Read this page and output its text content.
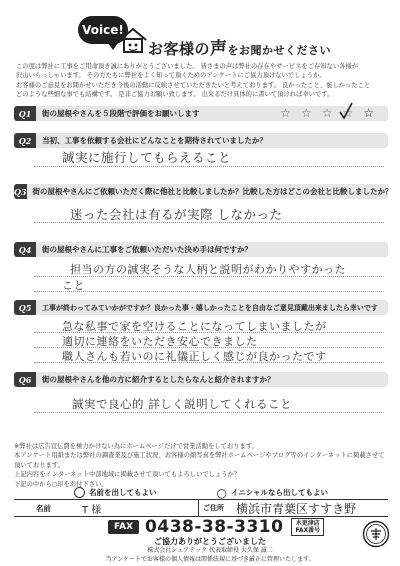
Voice!
お客様の声をお聞かせください
この度は弊社に工事をご用命頂き誠にありがとうございました。 皆さまの声は弊社の存在やサービスをご存知ない各様が
沢山いらっしゃいます。 その方たちに弊社をよく知って頂くためのアンケートにご協力頂けないでしょうか。
お客様のご意見をお聞かせいただき今後の活動に反映させていただきたいと考えております。 良かったこと、褒しかったこと
どのような些細な事でも結構です。 是非ご協力お願い致します。 出来るだけ具体的に書いて頂ければ幸いです。
Q1	街の屋根やさんを５段階で評価をお願いします	☆ ☆ ☆ ☆ ☆
Q2	当初、工事を依頼する会社にどんなことを期待されていましたか？
誠実に施行してもらえること
Q3 街の屋根やさんにご依頼いただく際に他社と比較しましたか？比較した方はどこの会社と比較しましたか？
迷った会社は有るが実際 しなかった
Q4	街の屋根やさんに工事をご依頼いただいた決め手は何ですか？
担当の方の誠実そうな人柄と説明がわかりやすかった
こと
Q5	工事が終わってみていかがですか？良かった事・嬉しかったことを自由なご意見頂戴出来ましたら幸いです
急な私事で家を空けることになってしまいましたが
適切に連絡をいただき安心できました
職人さんも若いのに礼儀正しく感じが良かったです
Q6	街の屋根やさんを他の方に紹介するとしたらなんと紹介されますか？
誠実で良心的 詳しく説明してくれること
※弊社は広告宣伝費を極力かけない為にホームページだけで営業活動をしております。
本アンケート用紙または弊社の調査業及び施工状況、お客様の顔写真を弊社ホームページやブログ等のインターネットに掲載させて頂いております。
上記内容をインターネット中部地域に掲載させて頂いてもよろしいでしょうか？
下記の中から○印をお付下さい。
名前を出してもよい	○ イニシャルなら出してもよい
名前	T 様	ご住所	横浜市青葉区すすき野
FAX 0438-38-3310	木更津店
FAX番号
ご協力ありがとうございました
株式会社シェアテック 代表取締役 大久保 誠二
当アンケートでお客様の個人情報は関係法規に基づき厳正に管理いたします。
